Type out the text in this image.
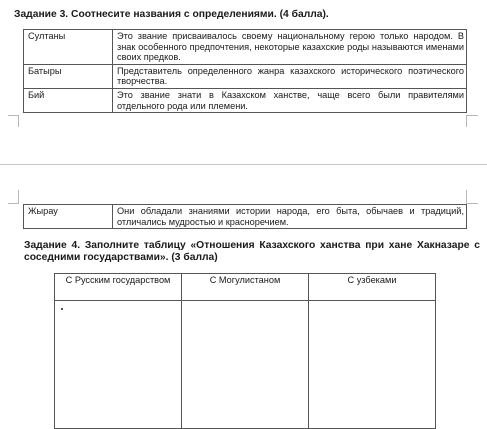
Задание 3. Соотнесите названия с определениями. (4 балла).
Султаны	Это звание присваивалось своему национальному герою только народом. В знак особенного предпочтения, некоторые казахские роды называются именами своих предков.
Батыры	Представитель определенного жанра казахского исторического поэтического творчества.
Бий	Это звание знати в Казахском ханстве, чаще всего были правителями отдельного рода или племени.
Жырау	Они обладали знаниями истории народа, его быта, обычаев и традиций, отличались мудростью и красноречием.
Задание 4. Заполните таблицу «Отношения Казахского ханства при хане Хакназаре с соседними государствами». (3 балла)
С Русским государством	С Могулистаном	С узбеками
